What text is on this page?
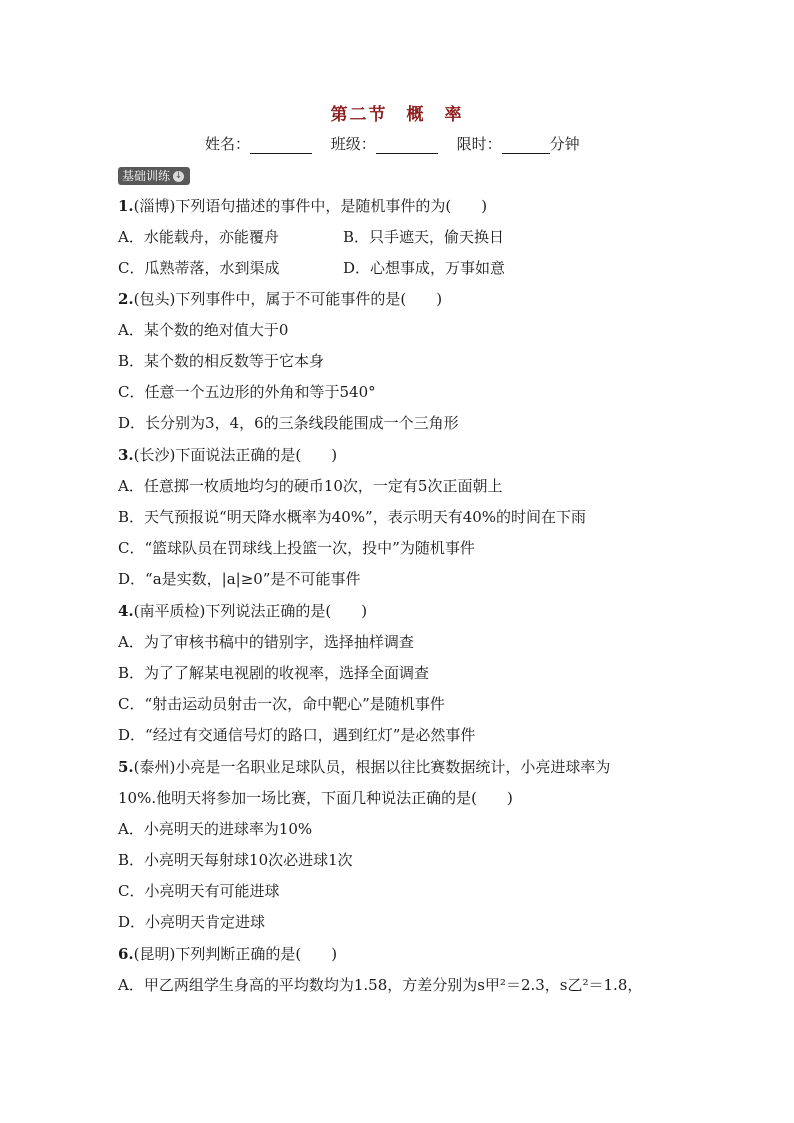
第二节　概　率
姓名：	班级：	限时：	分钟
基础训练 ↓
1.(淄博)下列语句描述的事件中，是随机事件的为(　　)
A．水能载舟，亦能覆舟	B．只手遮天，偷天换日
C．瓜熟蒂落，水到渠成	D．心想事成，万事如意
2.(包头)下列事件中，属于不可能事件的是(　　)
A．某个数的绝对值大于0
B．某个数的相反数等于它本身
C．任意一个五边形的外角和等于540°
D．长分别为3，4，6的三条线段能围成一个三角形
3.(长沙)下面说法正确的是(　　)
A．任意掷一枚质地均匀的硬币10次，一定有5次正面朝上
B．天气预报说“明天降水概率为40%”，表示明天有40%的时间在下雨
C．“篮球队员在罚球线上投篮一次，投中”为随机事件
D．“a是实数，|a|≥0”是不可能事件
4.(南平质检)下列说法正确的是(　　)
A．为了审核书稿中的错别字，选择抽样调查
B．为了了解某电视剧的收视率，选择全面调查
C．“射击运动员射击一次，命中靶心”是随机事件
D．“经过有交通信号灯的路口，遇到红灯”是必然事件
5.(泰州)小亮是一名职业足球队员，根据以往比赛数据统计，小亮进球率为
10%.他明天将参加一场比赛，下面几种说法正确的是(　　)
A．小亮明天的进球率为10%
B．小亮明天每射球10次必进球1次
C．小亮明天有可能进球
D．小亮明天肯定进球
6.(昆明)下列判断正确的是(　　)
A．甲乙两组学生身高的平均数均为1.58，方差分别为s甲²＝2.3，s乙²＝1.8，
